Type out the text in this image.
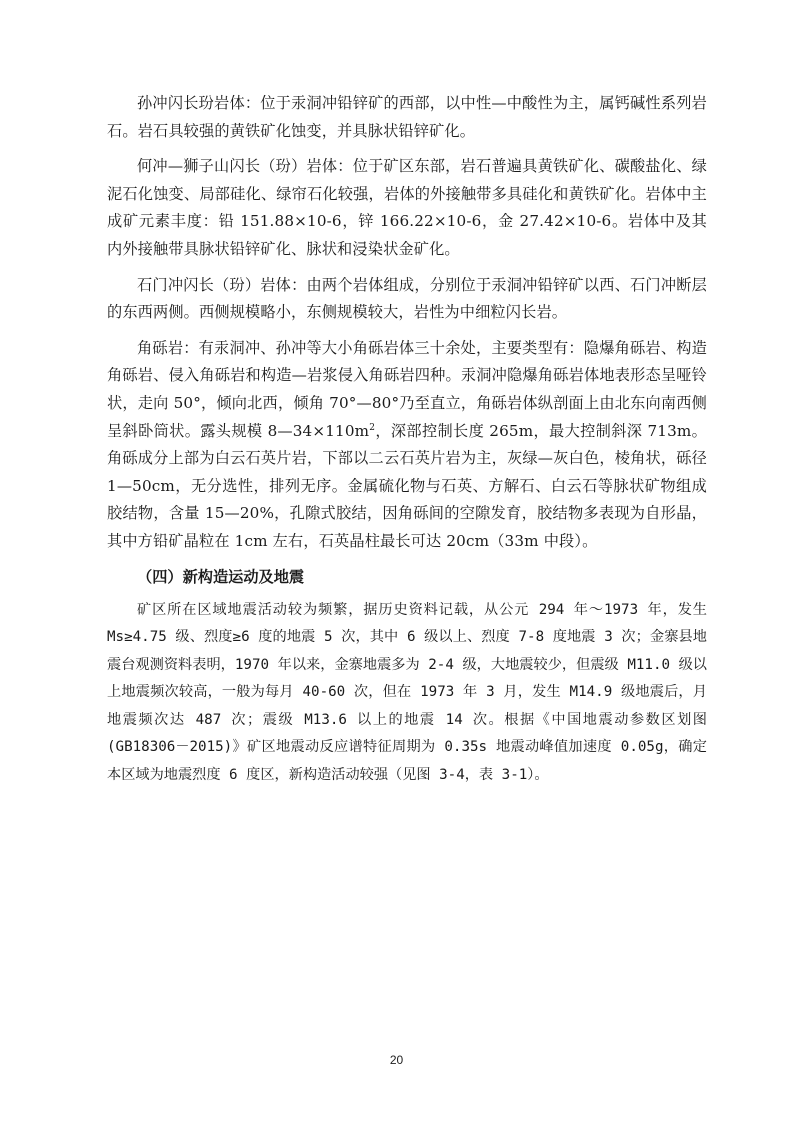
孙冲闪长玢岩体：位于汞洞冲铅锌矿的西部，以中性—中酸性为主，属钙碱性系列岩石。岩石具较强的黄铁矿化蚀变，并具脉状铅锌矿化。

何冲—狮子山闪长（玢）岩体：位于矿区东部，岩石普遍具黄铁矿化、碳酸盐化、绿泥石化蚀变、局部硅化、绿帘石化较强，岩体的外接触带多具硅化和黄铁矿化。岩体中主成矿元素丰度：铅 151.88×10-6，锌 166.22×10-6，金 27.42×10-6。岩体中及其内外接触带具脉状铅锌矿化、脉状和浸染状金矿化。

石门冲闪长（玢）岩体：由两个岩体组成，分别位于汞洞冲铅锌矿以西、石门冲断层的东西两侧。西侧规模略小，东侧规模较大，岩性为中细粒闪长岩。

角砾岩：有汞洞冲、孙冲等大小角砾岩体三十余处，主要类型有：隐爆角砾岩、构造角砾岩、侵入角砾岩和构造—岩浆侵入角砾岩四种。汞洞冲隐爆角砾岩体地表形态呈哑铃状，走向 50°，倾向北西，倾角 70°—80°乃至直立，角砾岩体纵剖面上由北东向南西侧呈斜卧筒状。露头规模 $8—34\times 110m^2$，深部控制长度 265m，最大控制斜深 713m。角砾成分上部为白云石英片岩，下部以二云石英片岩为主，灰绿—灰白色，棱角状，砾径 1—50cm，无分选性，排列无序。金属硫化物与石英、方解石、白云石等脉状矿物组成胶结物，含量 15—20%，孔隙式胶结，因角砾间的空隙发育，胶结物多表现为自形晶，其中方铅矿晶粒在 1cm 左右，石英晶柱最长可达 20cm（33m 中段）。

（四）新构造运动及地震

矿区所在区域地震活动较为频繁，据历史资料记载，从公元 294 年～1973 年，发生Ms≥4.75 级、烈度≥6 度的地震 5 次，其中 6 级以上、烈度 7-8 度地震 3 次；金寨县地震台观测资料表明，1970 年以来，金寨地震多为 2-4 级，大地震较少，但震级 M11.0 级以上地震频次较高，一般为每月 40-60 次，但在 1973 年 3 月，发生 M14.9 级地震后，月地震频次达 487 次；震级 M13.6 以上的地震 14 次。根据《中国地震动参数区划图(GB18306－2015)》矿区地震动反应谱特征周期为 0.35s 地震动峰值加速度 0.05g，确定本区域为地震烈度 6 度区，新构造活动较强（见图 3-4，表 3-1）。

20
